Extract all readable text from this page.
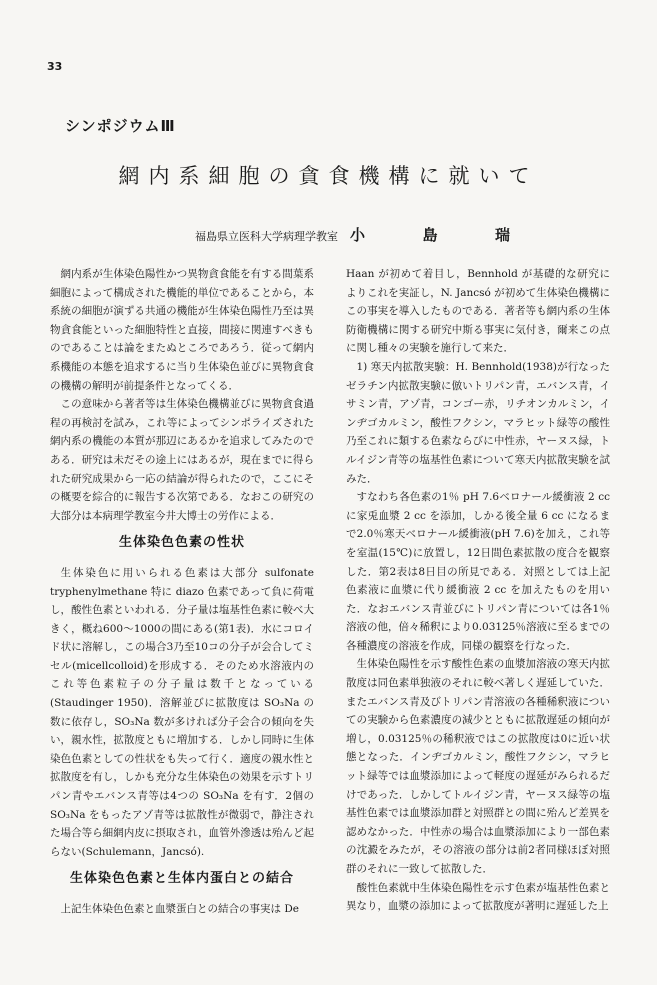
33
シンポジウムⅢ
網内系細胞の貪食機構に就いて
福島県立医科大学病理学教室 小	島	瑞

網内系が生体染色陽性かつ異物貪食能を有する間葉系細胞によって構成された機能的単位であることから，本系統の細胞が演ずる共通の機能が生体染色陽性乃至は異物貪食能といった細胞特性と直接，間接に関連すべきものであることは論をまたぬところであろう．従って網内系機能の本態を追求するに当り生体染色並びに異物貪食の機構の解明が前提条件となってくる．

この意味から著者等は生体染色機構並びに異物貪食過程の再検討を試み，これ等によってシンポライズされた網内系の機能の本質が那辺にあるかを追求してみたのである．研究は未だその途上にはあるが，現在までに得られた研究成果から一応の結論が得られたので，ここにその概要を綜合的に報告する次第である．なおこの研究の大部分は本病理学教室今井大博士の労作による．

生体染色色素の性状

生体染色に用いられる色素は大部分 sulfonate tryphenylmethane 特に diazo 色素であって負に荷電し，酸性色素といわれる．分子量は塩基性色素に較べ大きく，概ね600〜1000の間にある(第1表)．水にコロイド状に溶解し，この場合3乃至10コの分子が会合してミセル(micellcolloid)を形成する．そのため水溶液内のこれ等色素粒子の分子量は数千となっている(Staudinger 1950)．溶解並びに拡散度は SO₃Na の数に依存し，SO₃Na 数が多ければ分子会合の傾向を失い，親水性，拡散度ともに増加する．しかし同時に生体染色色素としての性状をも失って行く．適度の親水性と拡散度を有し，しかも充分な生体染色の効果を示すトリパン青やエバンス青等は4つの SO₃Na を有す．2個の SO₃Na をもったアゾ青等は拡散性が微弱で，静注された場合等ら細網内皮に摂取され，血管外滲透は殆んど起らない(Schulemann，Jancsó).

生体染色色素と生体内蛋白との結合

上記生体染色色素と血漿蛋白との結合の事実は De

Haan が初めて着目し，Bennhold が基礎的な研究によりこれを実証し，N. Jancsó が初めて生体染色機構にこの事実を導入したものである．著者等も網内系の生体防衛機構に関する研究中斯る事実に気付き，爾来この点に関し種々の実験を施行して来た．

1) 寒天内拡散実験：H. Bennhold(1938)が行なったゼラチン内拡散実験に倣いトリパン青，エバンス青，イサミン青，アゾ青，コンゴー赤，リチオンカルミン，インヂゴカルミン，酸性フクシン，マラヒット緑等の酸性乃至これに類する色素ならびに中性赤，ヤーヌス緑，トルイジン青等の塩基性色素について寒天内拡散実験を試みた．

すなわち各色素の1％ pH 7.6ベロナール緩衝液 2 cc に家兎血漿 2 cc を添加，しかる後全量 6 cc になるまで2.0％寒天ベロナール緩衝液(pH 7.6)を加え，これ等を室温(15℃)に放置し，12日間色素拡散の度合を観察した．第2表は8日目の所見である．対照としては上記色素液に血漿に代り緩衝液 2 cc を加えたものを用いた．なおエバンス青並びにトリパン青については各1％溶液の他，倍々稀釈により0.03125％溶液に至るまでの各種濃度の溶液を作成，同様の観察を行なった．

生体染色陽性を示す酸性色素の血漿加溶液の寒天内拡散度は同色素単独液のそれに較べ著しく遅延していた．またエバンス青及びトリパン青溶液の各種稀釈液についての実験から色素濃度の減少とともに拡散遅延の傾向が増し，0.03125％の稀釈液ではこの拡散度は0に近い状態となった．インヂゴカルミン，酸性フクシン，マラヒット緑等では血漿添加によって軽度の遅延がみられるだけであった．しかしてトルイジン青，ヤーヌス緑等の塩基性色素では血漿添加群と対照群との間に殆んど差異を認めなかった．中性赤の場合は血漿添加により一部色素の沈澱をみたが，その溶液の部分は前2者同様ほぼ対照群のそれに一致して拡散した．

酸性色素就中生体染色陽性を示す色素が塩基性色素と異なり，血漿の添加によって拡散度が著明に遅延した上
